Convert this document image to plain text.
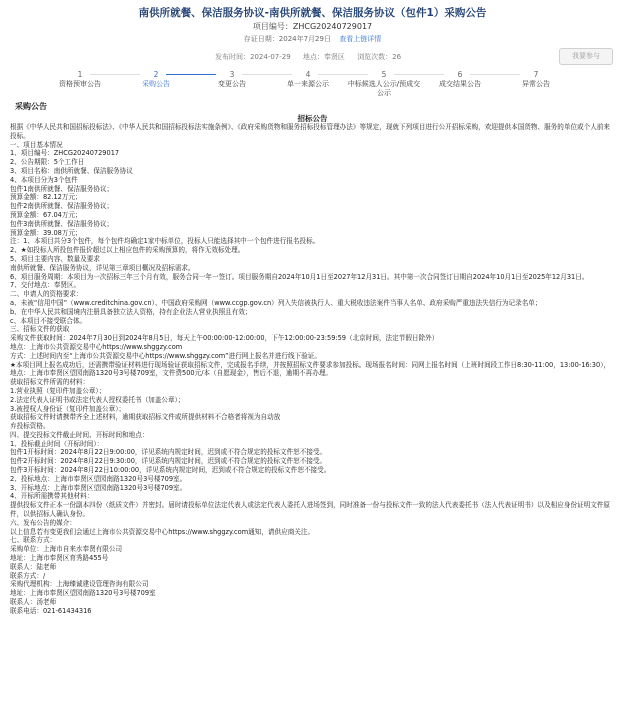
南供所就餐、保洁服务协议-南供所就餐、保洁服务协议（包件1）采购公告
项目编号：ZHCG20240729017
存证日期：2024年7月29日 查看上链详情
发布时间：2024-07-29 地点：奉贤区 浏览次数：26	我要参与
1
资格预审公告
2
采购公告
3
变更公告
4
单一来源公示
5
中标候选人公示/预成交公示
6
成交结果公告
7
异常公告
采购公告
招标公告
根据《中华人民共和国招标投标法》、《中华人民共和国招标投标法实施条例》、《政府采购货物和服务招标投标管理办法》等规定，现就下列项目进行公开招标采购，欢迎提供本国货物、服务的单位或个人前来投标。
一、项目基本情况
1、项目编号：ZHCG20240729017
2、公告期限：5个工作日
3、项目名称：南供所就餐、保洁服务协议
4、本项目分为3个包件
包件1南供所就餐、保洁服务协议；
预算金额：82.12万元；
包件2南供所就餐、保洁服务协议；
预算金额：67.04万元；
包件3南供所就餐、保洁服务协议；
预算金额：39.08万元；
注：1、本项目共分3个包件，每个包件均确定1家中标单位，投标人只能选择其中一个包件进行报名投标。
2、★如投标人所投包件报价超过以上相应包件的采购预算的，将作无效标处理。
5、项目主要内容、数量及要求
南供所就餐、保洁服务协议，详见第三章项目概况及招标需求。
6、项目服务周期：本项目为一次招标三年三个月有效，服务合同一年一签订。项目服务期自2024年10月1日至2027年12月31日。其中第一次合同签订日期自2024年10月1日至2025年12月31日。
7、交付地点：奉贤区。
二、申请人的资格要求：
a、未被“信用中国”（www.creditchina.gov.cn）、中国政府采购网（www.ccgp.gov.cn）列入失信被执行人、重大税收违法案件当事人名单、政府采购严重违法失信行为记录名单；
b、在中华人民共和国境内注册具备独立法人资格，持有企业法人营业执照且有效；
c、本项目不接受联合体。
三、招标文件的获取
采购文件获取时间：2024年7月30日到2024年8月5日，每天上午00:00:00-12:00:00，下午12:00:00-23:59:59（北京时间，法定节假日除外）
地点：上海市公共资源交易中心https://www.shggzy.com
方式：上述时间内至“上海市公共资源交易中心https://www.shggzy.com”进行网上报名并进行线下验证。
★本项目网上报名成功后，还需携带验证材料进行现场验证获取招标文件，完成报名手续，并按照招标文件要求参加投标。现场报名时间：同网上报名时间（上班时间段工作日8:30-11:00，13:00-16:30），地点：上海市奉贤区望园南路1320号3号楼709室，文件费500元/本（自愿现金），售后不退，逾期不再办理。
获取招标文件所需的材料：
1.营业执照（复印件加盖公章）；
2.法定代表人证明书或法定代表人授权委托书（加盖公章）；
3.被授权人身份证（复印件加盖公章）；
获取招标文件时请携带齐全上述材料，逾期获取招标文件或所提供材料不合格者将视为自动放
弃投标资格。
四、提交投标文件截止时间、开标时间和地点：
1、投标截止时间（开标时间）：
包件1开标时间：2024年8月22日9:00:00，详见系统内规定时间，迟到或不符合规定的投标文件恕不接受。
包件2开标时间：2024年8月22日9:30:00，详见系统内规定时间，迟到或不符合规定的投标文件恕不接受。
包件3开标时间：2024年8月22日10:00:00，详见系统内规定时间，迟到或不符合规定的投标文件恕不接受。
2、投标地点：上海市奉贤区望园南路1320号3号楼709室。
3、开标地点：上海市奉贤区望园南路1320号3号楼709室。
4、开标所需携带其他材料：
提供投标文件正本一份副本四份（纸质文件）并密封。届时请投标单位法定代表人或法定代表人委托人进场签到，同时准备一份与投标文件一致的法人代表委托书（法人代表证明书）以及相应身份证明文件原件，以供招标人确认身份。
六、发布公告的媒介：
以上信息若有变更我们会通过上海市公共资源交易中心https://www.shggzy.com通知，请供应商关注。
七、联系方式：
采购单位：上海市自来水奉贤有限公司
地址：上海市奉贤区育秀路455号
联系人：陆老师
联系方式：/
采购代理机构：上海臻诚建设管理咨询有限公司
地址：上海市奉贤区望园南路1320号3号楼709室
联系人：汤老师
联系电话：021-61434316
